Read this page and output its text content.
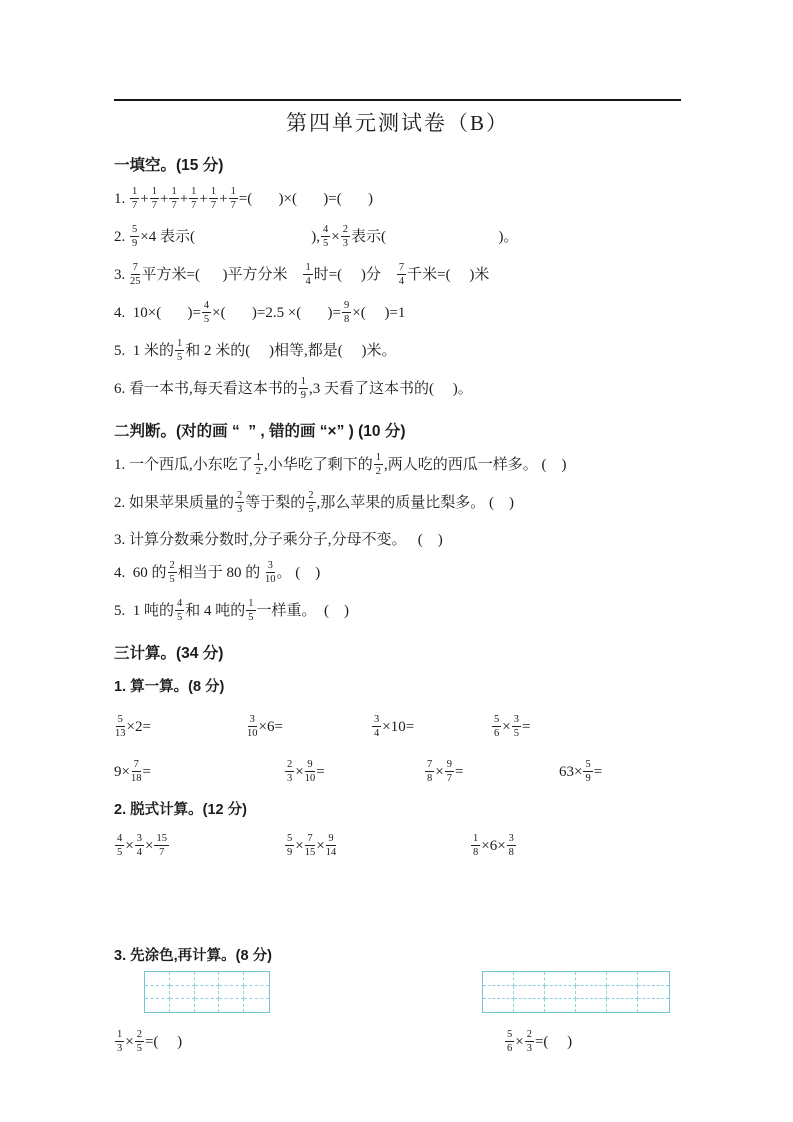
第四单元测试卷（B）
一填空。(15 分)
1. $\frac{1}{7} + \frac{1}{7} + \frac{1}{7} + \frac{1}{7} + \frac{1}{7} + \frac{1}{7}$ =(       )×(       )=(       )
2. $\frac{5}{9} \times 4$ 表示(	), $\frac{4}{5} \times \frac{2}{3}$ 表示(	)。
3. $\frac{7}{25}$ 平方米=(      )平方分米 $\frac{1}{4}$ 时=(     )分 $\frac{7}{4}$ 千米=(     )米
4.  10×(       )= $\frac{4}{5}$ ×(       )=2.5 ×(       )= $\frac{9}{8}$ ×(     )=1
5.  1 米的 $\frac{1}{5}$ 和 2 米的(     )相等,都是(     )米。
6. 看一本书,每天看这本书的 $\frac{1}{9} ,3$ 天看了这本书的(     )。
二判断。(对的画 “  ” , 错的画 “×” ) (10 分)
1. 一个西瓜,小东吃了 $\frac{1}{2}$ ,小华吃了剩下的 $\frac{1}{2}$ ,两人吃的西瓜一样多。 (    )
2. 如果苹果质量的 $\frac{2}{3}$ 等于梨的 $\frac{2}{5}$ ,那么苹果的质量比梨多。 (    )
3. 计算分数乘分数时,分子乘分子,分母不变。　 (    )
4.  60 的 $\frac{2}{5}$ 相当于 80 的 $\frac{3}{10}$ 。 (    )
5.  1 吨的 $\frac{4}{5}$ 和 4 吨的 $\frac{1}{5}$ 一样重。　(    )
三计算。(34 分)
1. 算一算。(8 分)
$\frac{5}{13} \times 2=$	$\frac{3}{10} \times 6=$	$\frac{3}{4} \times 10=$	$\frac{5}{6} \times \frac{3}{5}$ =
$9\times \frac{7}{18}$ =	$\frac{2}{3} \times \frac{9}{10}$ =	$\frac{7}{8} \times \frac{9}{7}$ =	$63\times \frac{5}{9}$ =
2. 脱式计算。(12 分)
$\frac{4}{5} \times \frac{3}{4} \times \frac{15}{7}$	$\frac{5}{9} \times \frac{7}{15} \times \frac{9}{14}$	$\frac{1}{8} \times 6\times \frac{3}{8}$
3. 先涂色,再计算。(8 分)
$\frac{1}{3} \times \frac{2}{5}$ =(     )	$\frac{5}{6} \times \frac{2}{3}$ =(     )
